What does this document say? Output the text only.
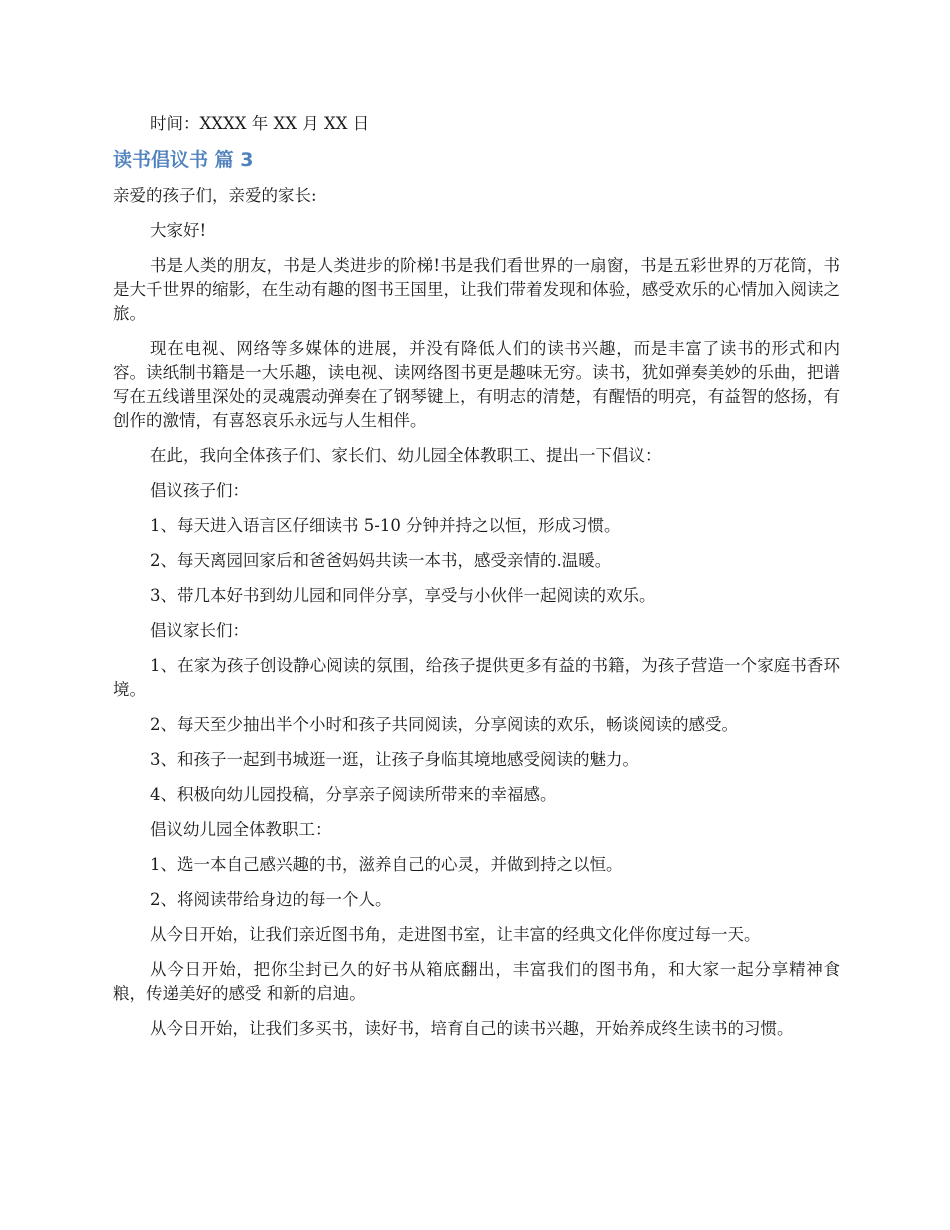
时间：XXXX 年 XX 月 XX 日

读书倡议书 篇 3

亲爱的孩子们，亲爱的家长:

大家好!

书是人类的朋友，书是人类进步的阶梯!书是我们看世界的一扇窗，书是五彩世界的万花筒，书是大千世界的缩影，在生动有趣的图书王国里，让我们带着发现和体验，感受欢乐的心情加入阅读之旅。

现在电视、网络等多媒体的进展，并没有降低人们的读书兴趣，而是丰富了读书的形式和内容。读纸制书籍是一大乐趣，读电视、读网络图书更是趣味无穷。读书，犹如弹奏美妙的乐曲，把谱写在五线谱里深处的灵魂震动弹奏在了钢琴键上，有明志的清楚，有醒悟的明亮，有益智的悠扬，有创作的激情，有喜怒哀乐永远与人生相伴。

在此，我向全体孩子们、家长们、幼儿园全体教职工、提出一下倡议：

倡议孩子们：

1、每天进入语言区仔细读书 5-10 分钟并持之以恒，形成习惯。

2、每天离园回家后和爸爸妈妈共读一本书，感受亲情的.温暖。

3、带几本好书到幼儿园和同伴分享，享受与小伙伴一起阅读的欢乐。

倡议家长们：

1、在家为孩子创设静心阅读的氛围，给孩子提供更多有益的书籍，为孩子营造一个家庭书香环境。

2、每天至少抽出半个小时和孩子共同阅读，分享阅读的欢乐，畅谈阅读的感受。

3、和孩子一起到书城逛一逛，让孩子身临其境地感受阅读的魅力。

4、积极向幼儿园投稿，分享亲子阅读所带来的幸福感。

倡议幼儿园全体教职工：

1、选一本自己感兴趣的书，滋养自己的心灵，并做到持之以恒。

2、将阅读带给身边的每一个人。

从今日开始，让我们亲近图书角，走进图书室，让丰富的经典文化伴你度过每一天。

从今日开始，把你尘封已久的好书从箱底翻出，丰富我们的图书角，和大家一起分享精神食粮，传递美好的感受 和新的启迪。

从今日开始，让我们多买书，读好书，培育自己的读书兴趣，开始养成终生读书的习惯。
